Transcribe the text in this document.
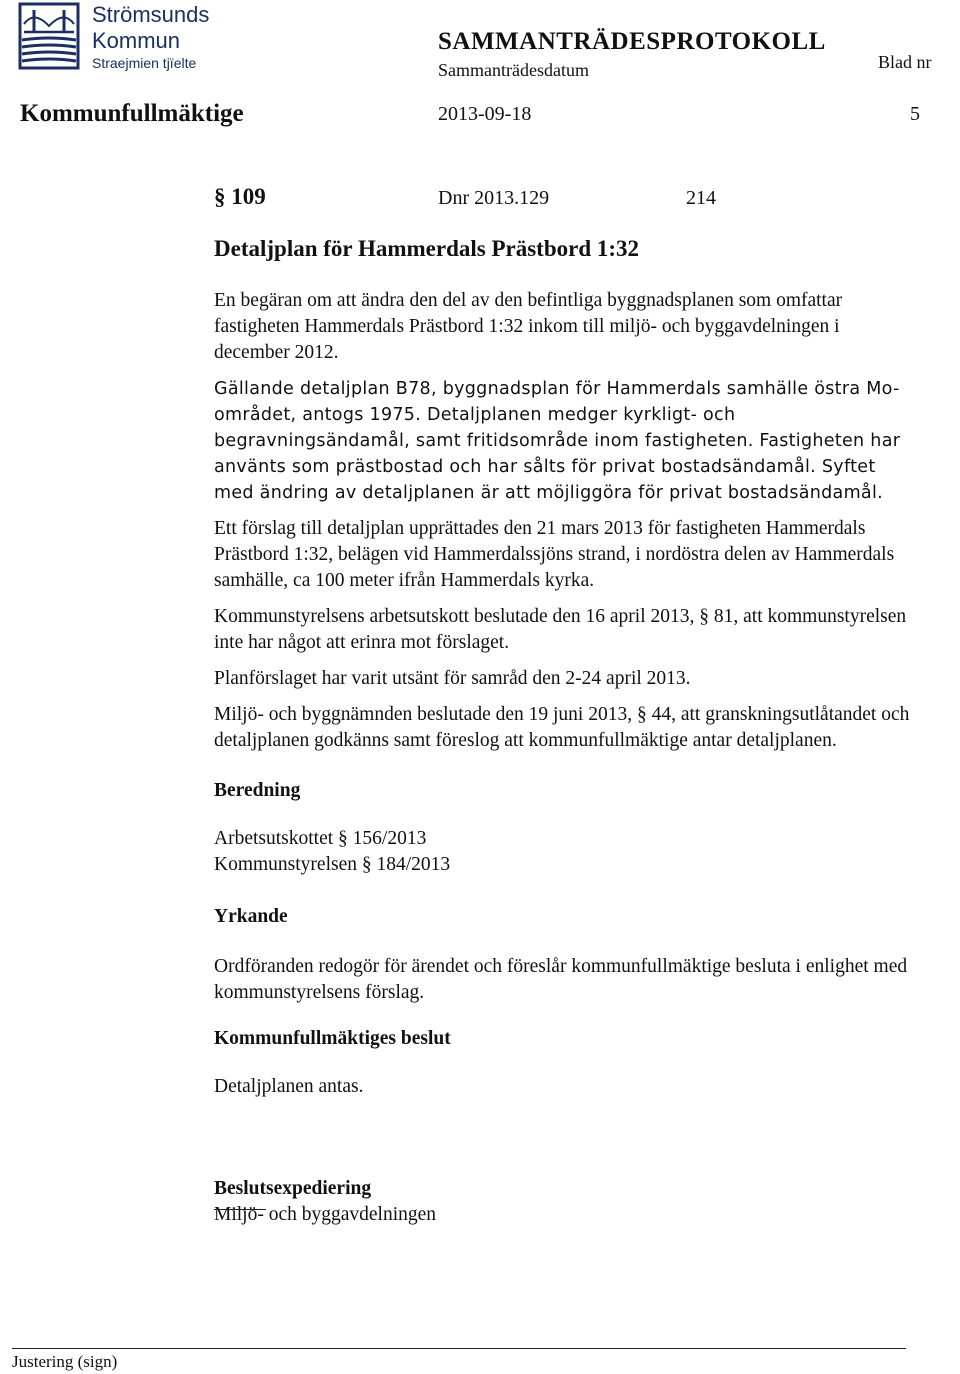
Strömsunds
Kommun
Straejmien tjïelte
SAMMANTRÄDESPROTOKOLL
Sammanträdesdatum	Blad nr
Kommunfullmäktige	2013-09-18	5
§ 109	Dnr 2013.129	214
Detaljplan för Hammerdals Prästbord 1:32

En begäran om att ändra den del av den befintliga byggnadsplanen som omfattar fastigheten Hammerdals Prästbord 1:32 inkom till miljö- och byggavdelningen i december 2012.

Gällande detaljplan B78, byggnadsplan för Hammerdals samhälle östra Mo-området, antogs 1975. Detaljplanen medger kyrkligt- och begravningsändamål, samt fritidsområde inom fastigheten. Fastigheten har använts som prästbostad och har sålts för privat bostadsändamål. Syftet med ändring av detaljplanen är att möjliggöra för privat bostadsändamål.

Ett förslag till detaljplan upprättades den 21 mars 2013 för fastigheten Hammerdals Prästbord 1:32, belägen vid Hammerdalssjöns strand, i nordöstra delen av Hammerdals samhälle, ca 100 meter ifrån Hammerdals kyrka.

Kommunstyrelsens arbetsutskott beslutade den 16 april 2013, § 81, att kommunstyrelsen inte har något att erinra mot förslaget.

Planförslaget har varit utsänt för samråd den 2-24 april 2013.

Miljö- och byggnämnden beslutade den 19 juni 2013, § 44, att granskningsutlåtandet och detaljplanen godkänns samt föreslog att kommunfullmäktige antar detaljplanen.

Beredning
Arbetsutskottet § 156/2013
Kommunstyrelsen § 184/2013
Yrkande

Ordföranden redogör för ärendet och föreslår kommunfullmäktige besluta i enlighet med kommunstyrelsens förslag.

Kommunfullmäktiges beslut

Detaljplanen antas.

Beslutsexpediering
Miljö- och byggavdelningen
Justering (sign)
